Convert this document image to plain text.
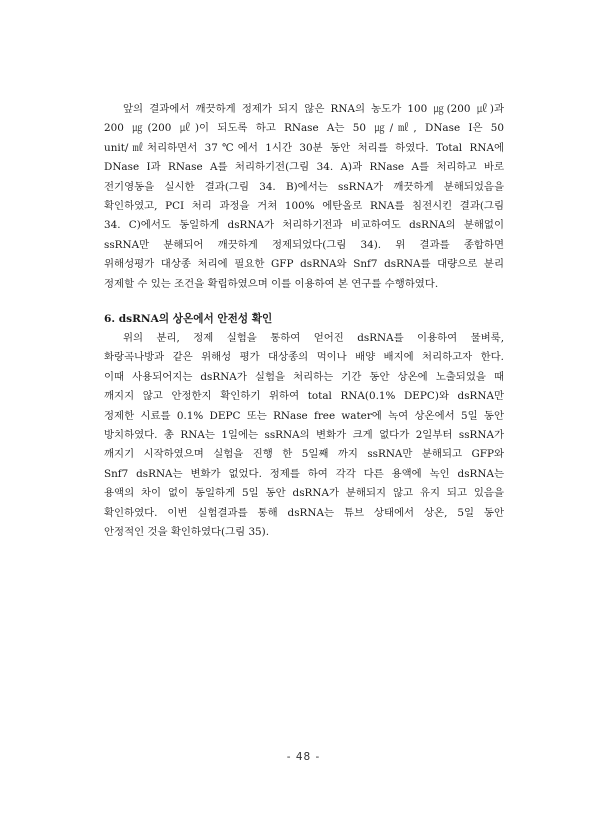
앞의 결과에서 깨끗하게 정제가 되지 않은 RNA의 농도가 100 ㎍(200 ㎕)과
200 ㎍(200 ㎕)이 되도록 하고 RNase A는 50 ㎍/㎖, DNase I은 50
unit/㎖처리하면서 37℃에서 1시간 30분 동안 처리를 하였다. Total RNA에
DNase I과 RNase A를 처리하기전(그림 34. A)과 RNase A를 처리하고 바로
전기영동을 실시한 결과(그림 34. B)에서는 ssRNA가 깨끗하게 분해되었음을
확인하였고, PCI 처리 과정을 거쳐 100% 에탄올로 RNA를 침전시킨 결과(그림
34. C)에서도 동일하게 dsRNA가 처리하기전과 비교하여도 dsRNA의 분해없이
ssRNA만 분해되어 깨끗하게 정제되었다(그림 34). 위 결과를 종합하면
위해성평가 대상종 처리에 필요한 GFP dsRNA와 Snf7 dsRNA를 대량으로 분리
정제할 수 있는 조건을 확립하였으며 이를 이용하여 본 연구를 수행하였다.
6. dsRNA의 상온에서 안전성 확인
위의 분리, 정제 실험을 통하여 얻어진 dsRNA를 이용하여 물벼룩,
화랑곡나방과 같은 위해성 평가 대상종의 먹이나 배양 배지에 처리하고자 한다.
이때 사용되어지는 dsRNA가 실험을 처리하는 기간 동안 상온에 노출되었을 때
깨지지 않고 안정한지 확인하기 위하여 total RNA(0.1% DEPC)와 dsRNA만
정제한 시료를 0.1% DEPC 또는 RNase free water에 녹여 상온에서 5일 동안
방치하였다. 총 RNA는 1일에는 ssRNA의 변화가 크게 없다가 2일부터 ssRNA가
깨지기 시작하였으며 실험을 진행 한 5일째 까지 ssRNA만 분해되고 GFP와
Snf7 dsRNA는 변화가 없었다. 정제를 하여 각각 다른 용액에 녹인 dsRNA는
용액의 차이 없이 동일하게 5일 동안 dsRNA가 분해되지 않고 유지 되고 있음을
확인하였다. 이번 실험결과를 통해 dsRNA는 튜브 상태에서 상온, 5일 동안
안정적인 것을 확인하였다(그림 35).
- 48 -
